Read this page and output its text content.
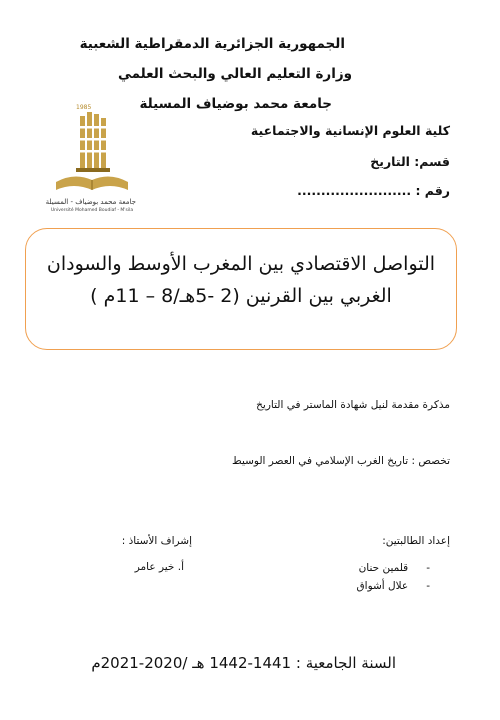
الجمهورية الجزائرية الدمقراطية الشعبية
وزارة التعليم العالي والبحث العلمي
جامعة محمد بوضياف المسيلة
كلية العلوم الإنسانية والاجتماعية
قسم: التاريخ
رقم : ........................
1985
جامعة محمد بوضياف - المسيلة
Université Mohamed Boudiaf - M'sila
التواصل الاقتصادي بين المغرب الأوسط والسودان
الغربي بين القرنين (2 -5هـ/8 – 11م )
مذكرة مقدمة لنيل شهادة الماستر في التاريخ
تخصص : تاريخ الغرب الإسلامي في العصر الوسيط
إعداد الطالبتين:
-قلمين حنان
-علال أشواق
إشراف الأستاذ :
أ. خير عامر
السنة الجامعية : 1441-1442 هـ /2020-2021م
